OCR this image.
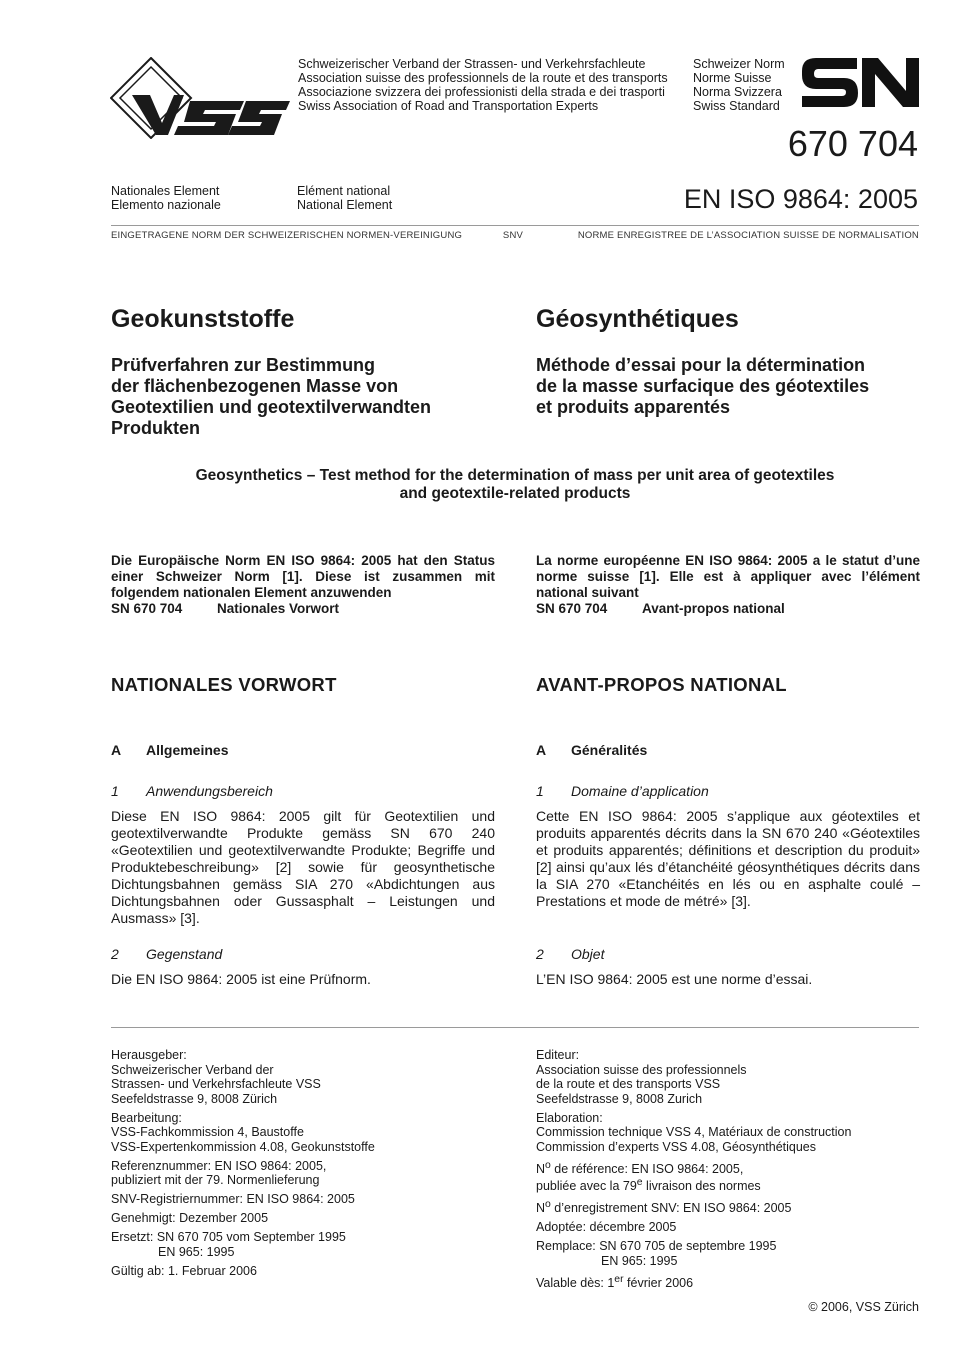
Schweizerischer Verband der Strassen- und Verkehrsfachleute
Association suisse des professionnels de la route et des transports
Associazione svizzera dei professionisti della strada e dei trasporti
Swiss Association of Road and Transportation Experts
Schweizer Norm
Norme Suisse
Norma Svizzera
Swiss Standard
670 704
EN ISO 9864: 2005
Nationales Element
Elemento nazionale
Elément national
National Element
EINGETRAGENE NORM DER SCHWEIZERISCHEN NORMEN-VEREINIGUNG	SNV	NORME ENREGISTREE DE L’ASSOCIATION SUISSE DE NORMALISATION
Geokunststoffe	Géosynthétiques
Prüfverfahren zur Bestimmung
der flächenbezogenen Masse von
Geotextilien und geotextilverwandten
Produkten
Méthode d’essai pour la détermination
de la masse surfacique des géotextiles
et produits apparentés
Geosynthetics – Test method for the determination of mass per unit area of geotextiles
and geotextile-related products
Die Europäische Norm EN ISO 9864: 2005 hat den Status einer Schweizer Norm [1]. Diese ist zusammen mit folgendem nationalen Element anzuwenden
SN 670 704	Nationales Vorwort
La norme européenne EN ISO 9864: 2005 a le statut d’une norme suisse [1]. Elle est à appliquer avec l’élément national suivant
SN 670 704	Avant-propos national
NATIONALES VORWORT
A	Allgemeines
1	Anwendungsbereich
Diese EN ISO 9864: 2005 gilt für Geotextilien und geotextilverwandte Produkte gemäss SN 670 240 «Geotextilien und geotextilverwandte Produkte; Begriffe und Produktebeschreibung» [2] sowie für geosynthetische Dichtungsbahnen gemäss SIA 270 «Abdichtungen aus Dichtungsbahnen oder Gussasphalt – Leistungen und Ausmass» [3].
2	Gegenstand
Die EN ISO 9864: 2005 ist eine Prüfnorm.
AVANT-PROPOS NATIONAL
A	Généralités
1	Domaine d’application
Cette EN ISO 9864: 2005 s’applique aux géotextiles et produits apparentés décrits dans la SN 670 240 «Géotextiles et produits apparentés; définitions et description du produit» [2] ainsi qu’aux lés d’étanchéité géosynthétiques décrits dans la SIA 270 «Etanchéités en lés ou en asphalte coulé – Prestations et mode de métré» [3].
2	Objet
L’EN ISO 9864: 2005 est une norme d’essai.

Herausgeber:
Schweizerischer Verband der
Strassen- und Verkehrsfachleute VSS
Seefeldstrasse 9, 8008 Zürich

Bearbeitung:
VSS-Fachkommission 4, Baustoffe
VSS-Expertenkommission 4.08, Geokunststoffe

Referenznummer: EN ISO 9864: 2005,
publiziert mit der 79. Normenlieferung

SNV-Registriernummer: EN ISO 9864: 2005

Genehmigt: Dezember 2005

Ersetzt: SN 670 705 vom September 1995
EN 965: 1995

Gültig ab: 1. Februar 2006

Editeur:
Association suisse des professionnels
de la route et des transports VSS
Seefeldstrasse 9, 8008 Zurich

Elaboration:
Commission technique VSS 4, Matériaux de construction
Commission d’experts VSS 4.08, Géosynthétiques

$N^o$ de référence: EN ISO 9864: 2005,
publiée avec la 79e livraison des normes

$N^o$ d’enregistrement SNV: EN ISO 9864: 2005

Adoptée: décembre 2005

Remplace: SN 670 705 de septembre 1995
EN 965: 1995

Valable dès: 1er février 2006

© 2006, VSS Zürich
